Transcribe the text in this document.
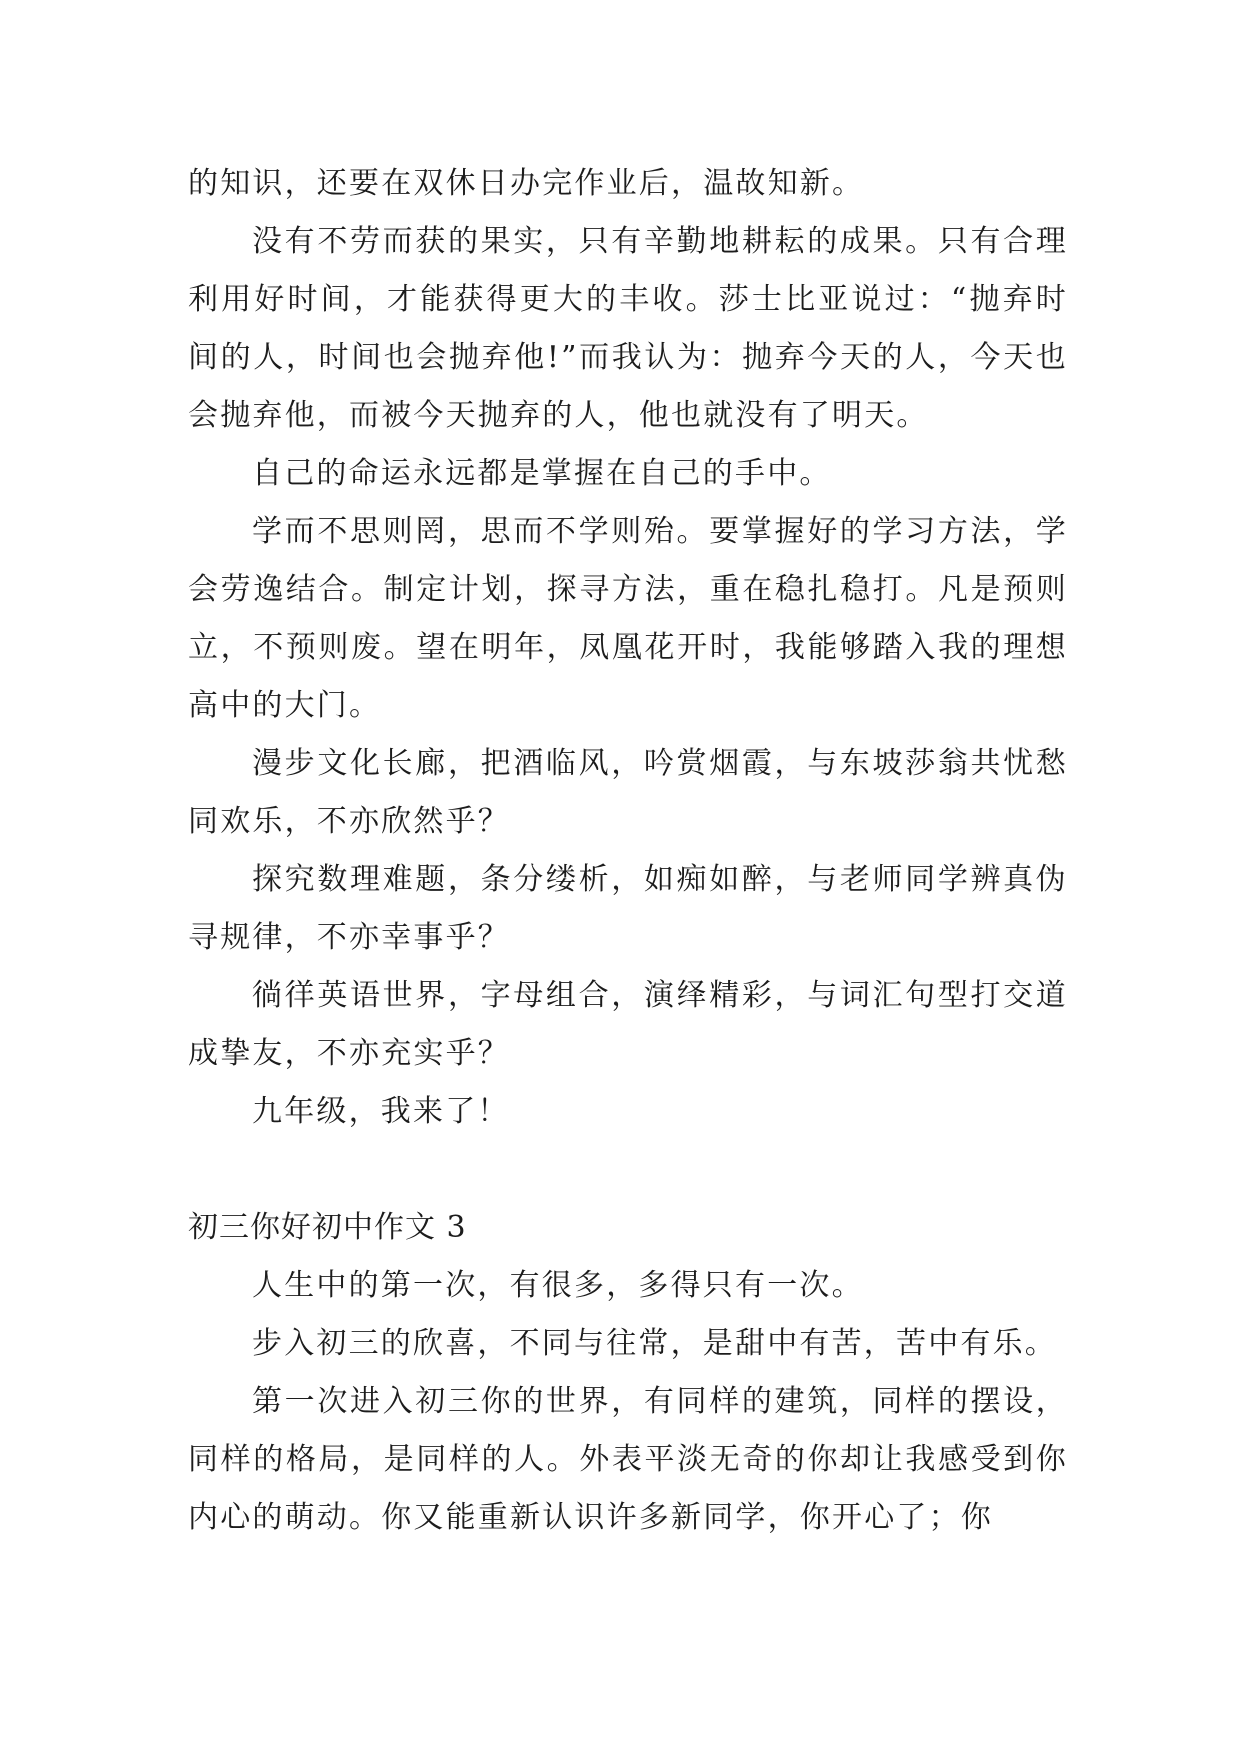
的知识，还要在双休日办完作业后，温故知新。

没有不劳而获的果实，只有辛勤地耕耘的成果。只有合理利用好时间，才能获得更大的丰收。莎士比亚说过：“抛弃时间的人，时间也会抛弃他!”而我认为：抛弃今天的人，今天也会抛弃他，而被今天抛弃的人，他也就没有了明天。

自己的命运永远都是掌握在自己的手中。

学而不思则罔，思而不学则殆。要掌握好的学习方法，学会劳逸结合。制定计划，探寻方法，重在稳扎稳打。凡是预则立，不预则废。望在明年，凤凰花开时，我能够踏入我的理想高中的大门。

漫步文化长廊，把酒临风，吟赏烟霞，与东坡莎翁共忧愁同欢乐，不亦欣然乎？

探究数理难题，条分缕析，如痴如醉，与老师同学辨真伪寻规律，不亦幸事乎？

徜徉英语世界，字母组合，演绎精彩，与词汇句型打交道成挚友，不亦充实乎？

九年级，我来了！

初三你好初中作文 3

人生中的第一次，有很多，多得只有一次。

步入初三的欣喜，不同与往常，是甜中有苦，苦中有乐。

第一次进入初三你的世界，有同样的建筑，同样的摆设，同样的格局，是同样的人。外表平淡无奇的你却让我感受到你内心的萌动。你又能重新认识许多新同学，你开心了；你
